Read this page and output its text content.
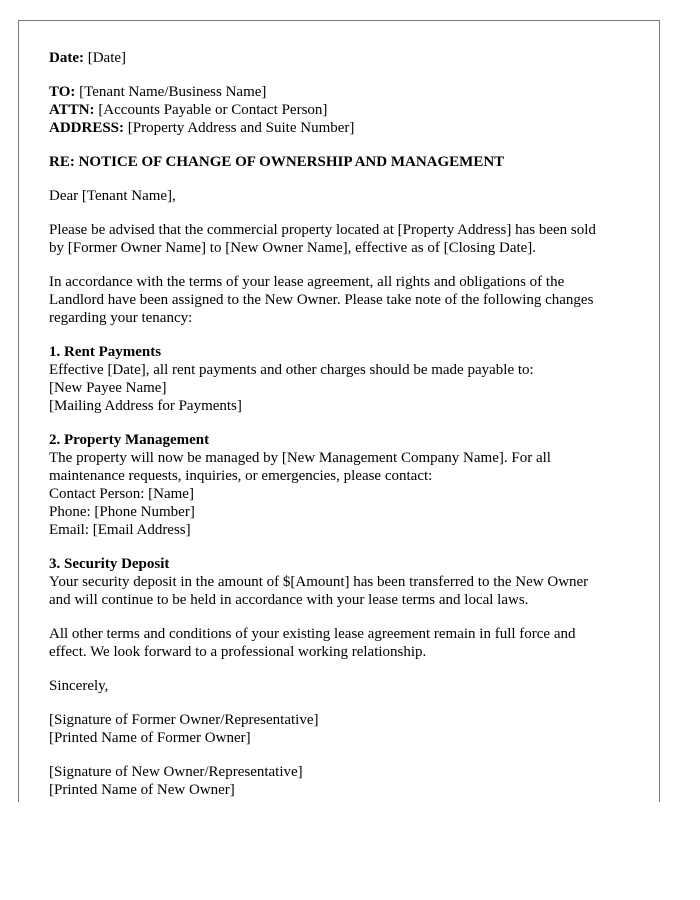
Date: [Date]
TO: [Tenant Name/Business Name]
ATTN: [Accounts Payable or Contact Person]
ADDRESS: [Property Address and Suite Number]
RE: NOTICE OF CHANGE OF OWNERSHIP AND MANAGEMENT
Dear [Tenant Name],
Please be advised that the commercial property located at [Property Address] has been sold
by [Former Owner Name] to [New Owner Name], effective as of [Closing Date].
In accordance with the terms of your lease agreement, all rights and obligations of the
Landlord have been assigned to the New Owner. Please take note of the following changes
regarding your tenancy:
1. Rent Payments
Effective [Date], all rent payments and other charges should be made payable to:
[New Payee Name]
[Mailing Address for Payments]
2. Property Management
The property will now be managed by [New Management Company Name]. For all
maintenance requests, inquiries, or emergencies, please contact:
Contact Person: [Name]
Phone: [Phone Number]
Email: [Email Address]
3. Security Deposit
Your security deposit in the amount of $[Amount] has been transferred to the New Owner
and will continue to be held in accordance with your lease terms and local laws.
All other terms and conditions of your existing lease agreement remain in full force and
effect. We look forward to a professional working relationship.
Sincerely,
[Signature of Former Owner/Representative]
[Printed Name of Former Owner]
[Signature of New Owner/Representative]
[Printed Name of New Owner]
